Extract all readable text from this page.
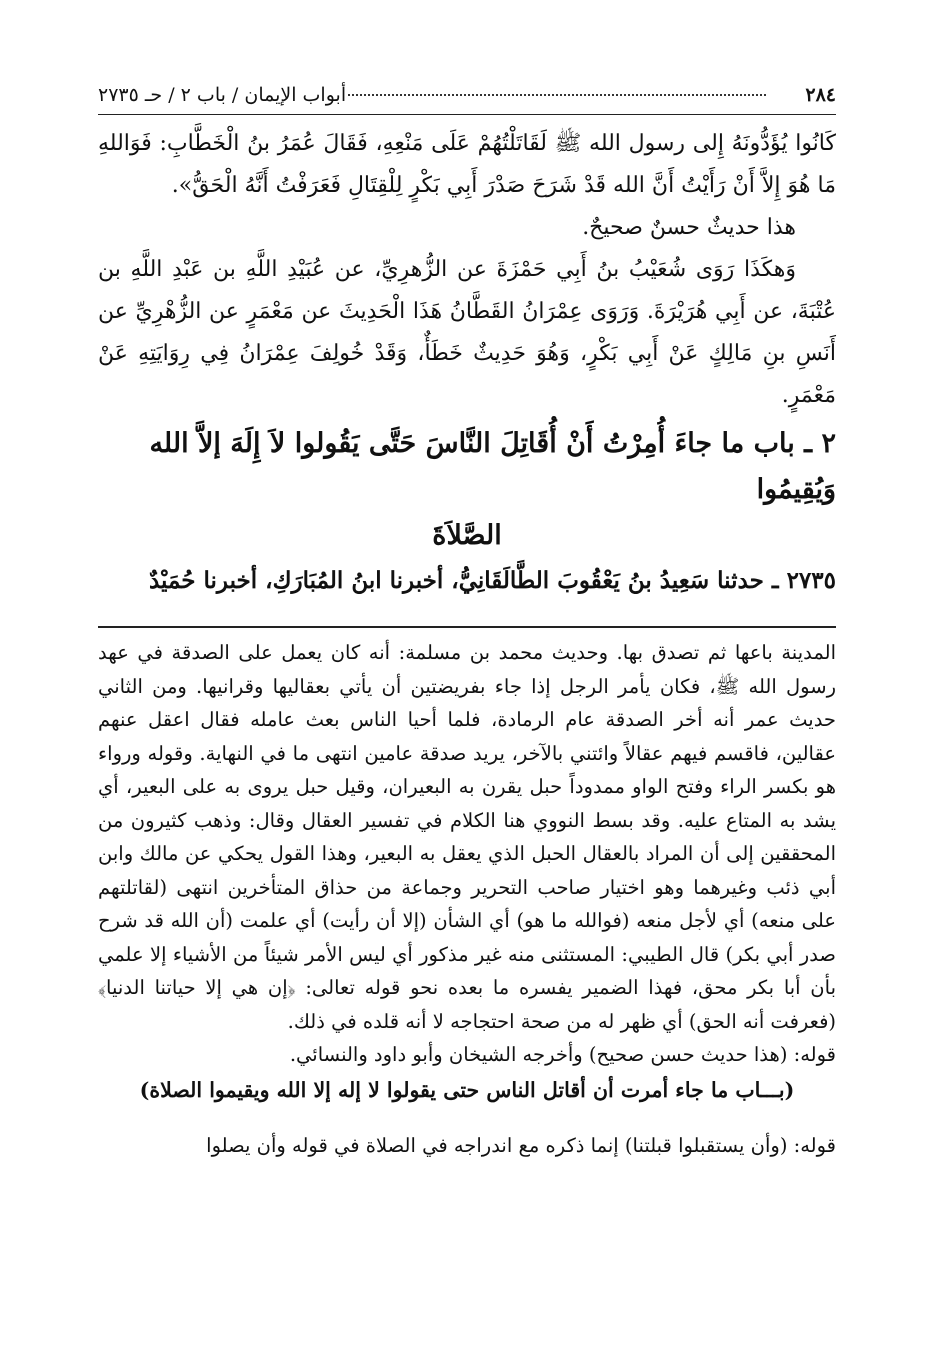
٢٨٤
أبواب الإيمان / باب ٢ / حـ ٢٧٣٥

كَانُوا يُؤَدُّونَهُ إِلى رسول الله ﷺ لَقَاتَلْتُهُمْ عَلَى مَنْعِهِ، فَقَالَ عُمَرُ بنُ الْخَطَّابِ: فَوَاللهِ مَا هُوَ إِلاَّ أَنْ رَأَيْتُ أَنَّ الله قَدْ شَرَحَ صَدْرَ أَبِي بَكْرٍ لِلْقِتَالِ فَعَرَفْتُ أَنَّهُ الْحَقُّ».

هذا حديثٌ حسنٌ صحيحٌ.

وَهكَذَا رَوَى شُعَيْبُ بنُ أَبِي حَمْزَةَ عن الزُّهرِيِّ، عن عُبَيْدِ اللَّهِ بن عَبْدِ اللَّهِ بن عُتْبَةَ، عن أَبِي هُرَيْرَةَ. وَرَوَى عِمْرَانُ القَطَّانُ هَذَا الْحَدِيثَ عن مَعْمَرٍ عن الزُّهْرِيِّ عن أَنَسِ بنِ مَالِكٍ عَنْ أَبِي بَكْرٍ، وَهُوَ حَدِيثٌ خَطَأٌ، وَقَدْ خُولِفَ عِمْرَانُ فِي رِوَايَتِهِ عَنْ مَعْمَرٍ.

٢ ـ باب ما جاءَ أُمِرْتُ أَنْ أُقَاتِلَ النَّاسَ حَتَّى يَقُولوا لاَ إِلَهَ إلاَّ الله وَيُقِيمُوا
الصَّلاَةَ

٢٧٣٥ ـ حدثنا سَعِيدُ بنُ يَعْقُوبَ الطَّالَقَانِيُّ، أخبرنا ابنُ المُبَارَكِ، أخبرنا حُمَيْدٌ

المدينة باعها ثم تصدق بها. وحديث محمد بن مسلمة: أنه كان يعمل على الصدقة في عهد رسول الله ﷺ، فكان يأمر الرجل إذا جاء بفريضتين أن يأتي بعقاليها وقرانيها. ومن الثاني حديث عمر أنه أخر الصدقة عام الرمادة، فلما أحيا الناس بعث عامله فقال اعقل عنهم عقالين، فاقسم فيهم عقالاً وائتني بالآخر، يريد صدقة عامين انتهى ما في النهاية. وقوله ورواء هو بكسر الراء وفتح الواو ممدوداً حبل يقرن به البعيران، وقيل حبل يروى به على البعير، أي يشد به المتاع عليه. وقد بسط النووي هنا الكلام في تفسير العقال وقال: وذهب كثيرون من المحققين إلى أن المراد بالعقال الحبل الذي يعقل به البعير، وهذا القول يحكي عن مالك وابن أبي ذئب وغيرهما وهو اختيار صاحب التحرير وجماعة من حذاق المتأخرين انتهى (لقاتلتهم على منعه) أي لأجل منعه (فوالله ما هو) أي الشأن (إلا أن رأيت) أي علمت (أن الله قد شرح صدر أبي بكر) قال الطيبي: المستثنى منه غير مذكور أي ليس الأمر شيئاً من الأشياء إلا علمي بأن أبا بكر محق، فهذا الضمير يفسره ما بعده نحو قوله تعالى: ﴿إن هي إلا حياتنا الدنيا﴾ (فعرفت أنه الحق) أي ظهر له من صحة احتجاجه لا أنه قلده في ذلك.

قوله: (هذا حديث حسن صحيح) وأخرجه الشيخان وأبو داود والنسائي.

(بـــاب ما جاء أمرت أن أقاتل الناس حتى يقولوا لا إله إلا الله ويقيموا الصلاة)

قوله: (وأن يستقبلوا قبلتنا) إنما ذكره مع اندراجه في الصلاة في قوله وأن يصلوا
